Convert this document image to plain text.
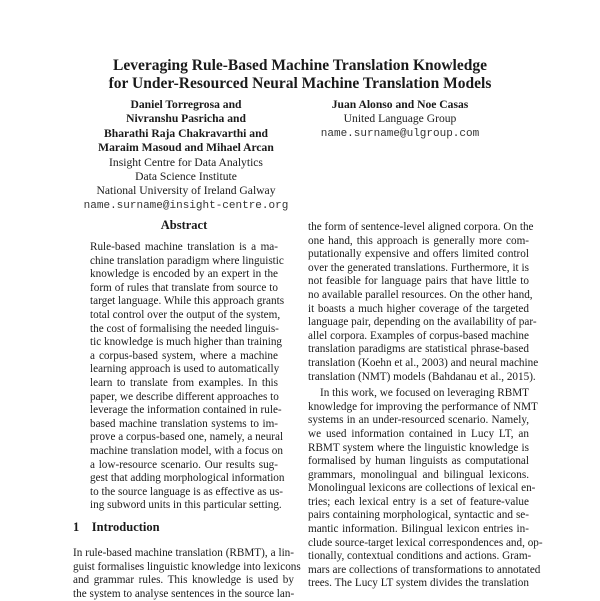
Leveraging Rule-Based Machine Translation Knowledge
for Under-Resourced Neural Machine Translation Models
Daniel Torregrosa and
Nivranshu Pasricha and
Bharathi Raja Chakravarthi and
Maraim Masoud and Mihael Arcan
Insight Centre for Data Analytics
Data Science Institute
National University of Ireland Galway
name.surname@insight-centre.org
Juan Alonso and Noe Casas
United Language Group
name.surname@ulgroup.com
Abstract
Rule-based machine translation is a ma-
chine translation paradigm where linguistic
knowledge is encoded by an expert in the
form of rules that translate from source to
target language. While this approach grants
total control over the output of the system,
the cost of formalising the needed linguis-
tic knowledge is much higher than training
a corpus-based system, where a machine
learning approach is used to automatically
learn to translate from examples. In this
paper, we describe different approaches to
leverage the information contained in rule-
based machine translation systems to im-
prove a corpus-based one, namely, a neural
machine translation model, with a focus on
a low-resource scenario. Our results sug-
gest that adding morphological information
to the source language is as effective as us-
ing subword units in this particular setting.
1 Introduction
In rule-based machine translation (RBMT), a lin-
guist formalises linguistic knowledge into lexicons
and grammar rules. This knowledge is used by
the system to analyse sentences in the source lan-
the form of sentence-level aligned corpora. On the
one hand, this approach is generally more com-
putationally expensive and offers limited control
over the generated translations. Furthermore, it is
not feasible for language pairs that have little to
no available parallel resources. On the other hand,
it boasts a much higher coverage of the targeted
language pair, depending on the availability of par-
allel corpora. Examples of corpus-based machine
translation paradigms are statistical phrase-based
translation (Koehn et al., 2003) and neural machine
translation (NMT) models (Bahdanau et al., 2015).
In this work, we focused on leveraging RBMT
knowledge for improving the performance of NMT
systems in an under-resourced scenario. Namely,
we used information contained in Lucy LT, an
RBMT system where the linguistic knowledge is
formalised by human linguists as computational
grammars, monolingual and bilingual lexicons.
Monolingual lexicons are collections of lexical en-
tries; each lexical entry is a set of feature-value
pairs containing morphological, syntactic and se-
mantic information. Bilingual lexicon entries in-
clude source-target lexical correspondences and, op-
tionally, contextual conditions and actions. Gram-
mars are collections of transformations to annotated
trees. The Lucy LT system divides the translation
